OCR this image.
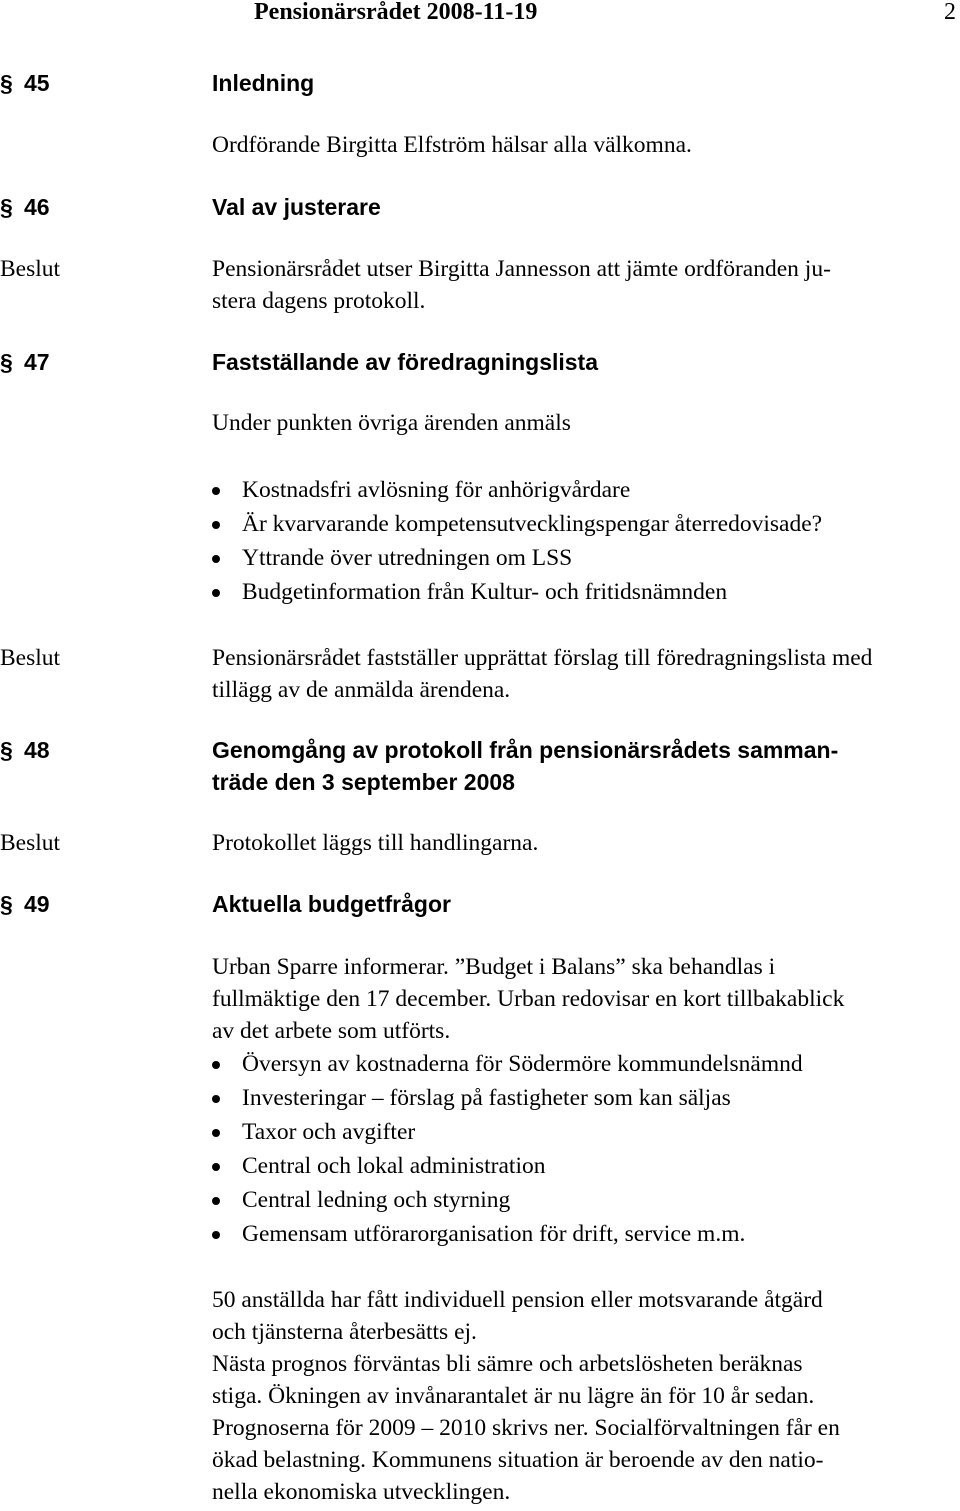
Pensionärsrådet 2008-11-19	2
§ 45	Inledning
Ordförande Birgitta Elfström hälsar alla välkomna.
§ 46	Val av justerare
Beslut	Pensionärsrådet utser Birgitta Jannesson att jämte ordföranden ju-
stera dagens protokoll.
§ 47	Fastställande av föredragningslista
Under punkten övriga ärenden anmäls
Kostnadsfri avlösning för anhörigvårdare
Är kvarvarande kompetensutvecklingspengar återredovisade?
Yttrande över utredningen om LSS
Budgetinformation från Kultur- och fritidsnämnden
Beslut	Pensionärsrådet fastställer upprättat förslag till föredragningslista med
tillägg av de anmälda ärendena.
§ 48	Genomgång av protokoll från pensionärsrådets samman-
träde den 3 september 2008
Beslut	Protokollet läggs till handlingarna.
§ 49	Aktuella budgetfrågor
Urban Sparre informerar. ”Budget i Balans” ska behandlas i
fullmäktige den 17 december. Urban redovisar en kort tillbakablick
av det arbete som utförts.
Översyn av kostnaderna för Södermöre kommundelsnämnd
Investeringar – förslag på fastigheter som kan säljas
Taxor och avgifter
Central och lokal administration
Central ledning och styrning
Gemensam utförarorganisation för drift, service m.m.
50 anställda har fått individuell pension eller motsvarande åtgärd
och tjänsterna återbesätts ej.
Nästa prognos förväntas bli sämre och arbetslösheten beräknas
stiga. Ökningen av invånarantalet är nu lägre än för 10 år sedan.
Prognoserna för 2009 – 2010 skrivs ner. Socialförvaltningen får en
ökad belastning. Kommunens situation är beroende av den natio-
nella ekonomiska utvecklingen.
